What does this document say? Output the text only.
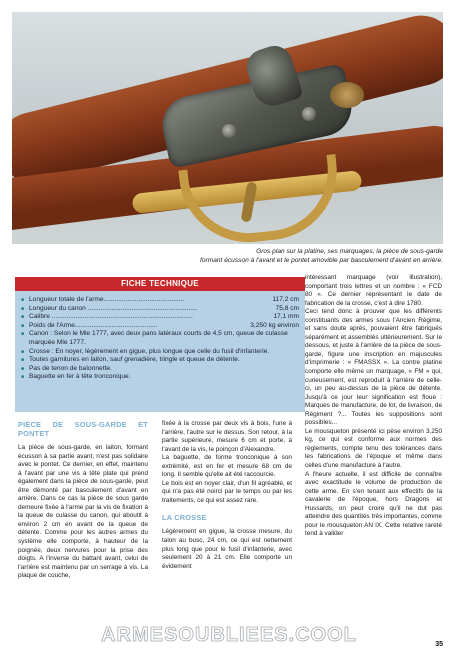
Gros plan sur la platine, ses marquages, la pièce de sous-garde
formant écusson à l'avant et le pontet amovible par basculement d'avant en arrière.
FICHE TECHNIQUE
■ 117,2 cm
Longueur totale de l'arme............................................
■ 75,8 cm
Longueur du canon ............................................................
■ 17,1 mm
Calibre .............................................................................
■ 3,250 kg environ
Poids de l'Arme.............................................
■ Canon : Selon le Mle 1777, avec deux pans latéraux courts de 4,5 cm, queue de culasse marquée Mle 1777.
■ Crosse : En noyer, légèrement en gigue, plus longue que celle du fusil d'infanterie.
■ Toutes garnitures en laiton, sauf grenadière, tringle et queue de détente.
■ Pas de tenon de baïonnette.
■ Baguette en fer à tête tronconique.
PIÈCE DE SOUS-GARDE ET PONTET

La pièce de sous-garde, en laiton, formant écusson à sa partie avant, n'est pas solidaire avec le pontet. Ce dernier, en effet, maintenu à l'avant par une vis à tête plate qui prend également dans la pièce de sous-garde, peut être démonté par basculement d'avant en arrière. Dans ce cas la pièce de sous garde demeure fixée à l'arme par la vis de fixation à la queue de culasse du canon, qui aboutit à environ 2 cm en avant de la queue de détente. Comme pour les autres armes du système elle comporte, à hauteur de la poignée, deux nervures pour la prise des doigts. A l'inverse du battant avant, celui de l'arrière est maintenu par un serrage à vis. La plaque de couche,

fixée à la crosse par deux vis à bois, l'une à l'arrière, l'autre sur le dessus. Son retour, à la partie supérieure, mesure 6 cm et porte, à l'avant de la vis, le poinçon d'Alexandre.

La baguette, de forme tronconique à son extrémité, est en fer et mesure 68 cm de long. Il semble qu'elle ait été raccourcie.

Le bois est en noyer clair, d'un fil agréable, et qui n'a pas été noirci par le temps ou par les traitements, ce qui est assez rare.

LA CROSSE

Légèrement en gigue, la crosse mesure, du talon au busc, 24 cm, ce qui est nettement plus long que pour le fusil d'infanterie, avec seulement 20 à 21 cm. Elle comporte un évidement

intéressant marquage (voir illustration), comportant trois lettres et un nombre : « FCD 80 ». Ce dernier représentant le date de fabrication de la crosse, c'est à dire 1780.

Ceci tend donc à prouver que les différents constituants des armes sous l'Ancien Régime, et sans doute après, pouvaient être fabriqués séparément et assemblés ultérieurement. Sur le dessous, et juste à l'arrière de la pièce de sous-garde, figure une inscription en majuscules d'imprimerie : « FMASSX ». La contre platine comporte elle même un marquage, « FM » qui, curieusement, est reproduit à l'arrière de celle-ci, un peu au-dessus de la pièce de détente. Jusqu'à ce jour leur signification est floue : Marques de manufacture, de lot, de livraison, de Régiment ?... Toutes les suppositions sont possibles...

Le mousqueton présenté ici pèse environ 3,250 kg, ce qui est conforme aux normes des règlements, compte tenu des tolérances dans les fabrications de l'époque et même dans celles d'une manufacture à l'autre.

A l'heure actuelle, il est difficile de connaître avec exactitude le volume de production de cette arme. En s'en tenant aux effectifs de la cavalerie de l'époque, hors Dragons et Hussards, on peut croire qu'il ne dut pas atteindre des quantités très importantes, comme pour le mousqueton AN IX. Cette relative rareté tend à valider

ARMESOUBLIEES.COOL	35
